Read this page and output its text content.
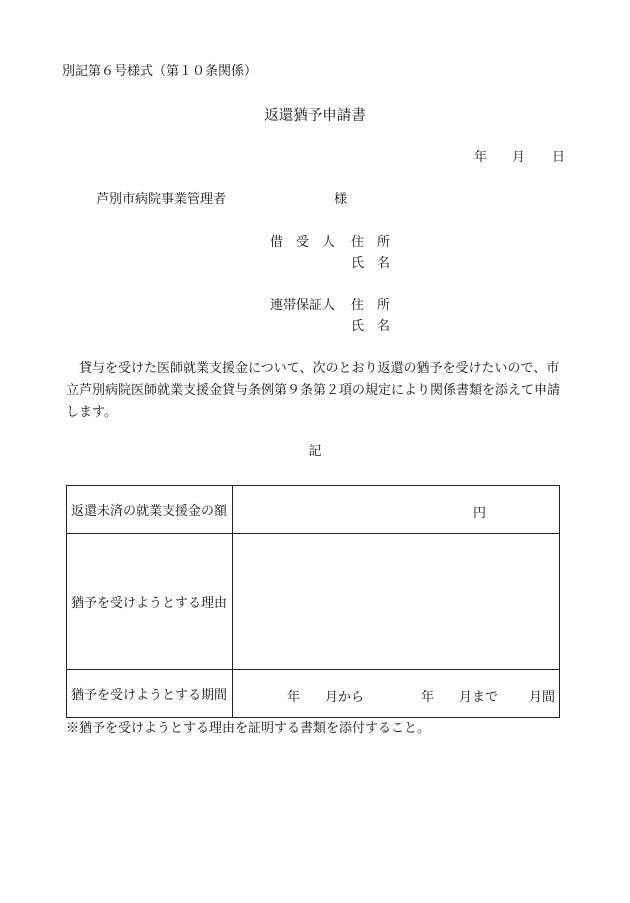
別記第６号様式（第１０条関係）
返還猶予申請書
年 月 日
芦別市病院事業管理者	様
借　受　人 住　所
氏　名
連帯保証人 住　所
氏　名
貸与を受けた医師就業支援金について、次のとおり返還の猶予を受けたいので、市立芦別病院医師就業支援金貸与条例第９条第２項の規定により関係書類を添えて申請します。
記
返還未済の就業支援金の額	円

猶予を受けようとする理由	
猶予を受けようとする期間	年 月から 年 月まで 月間
※猶予を受けようとする理由を証明する書類を添付すること。
